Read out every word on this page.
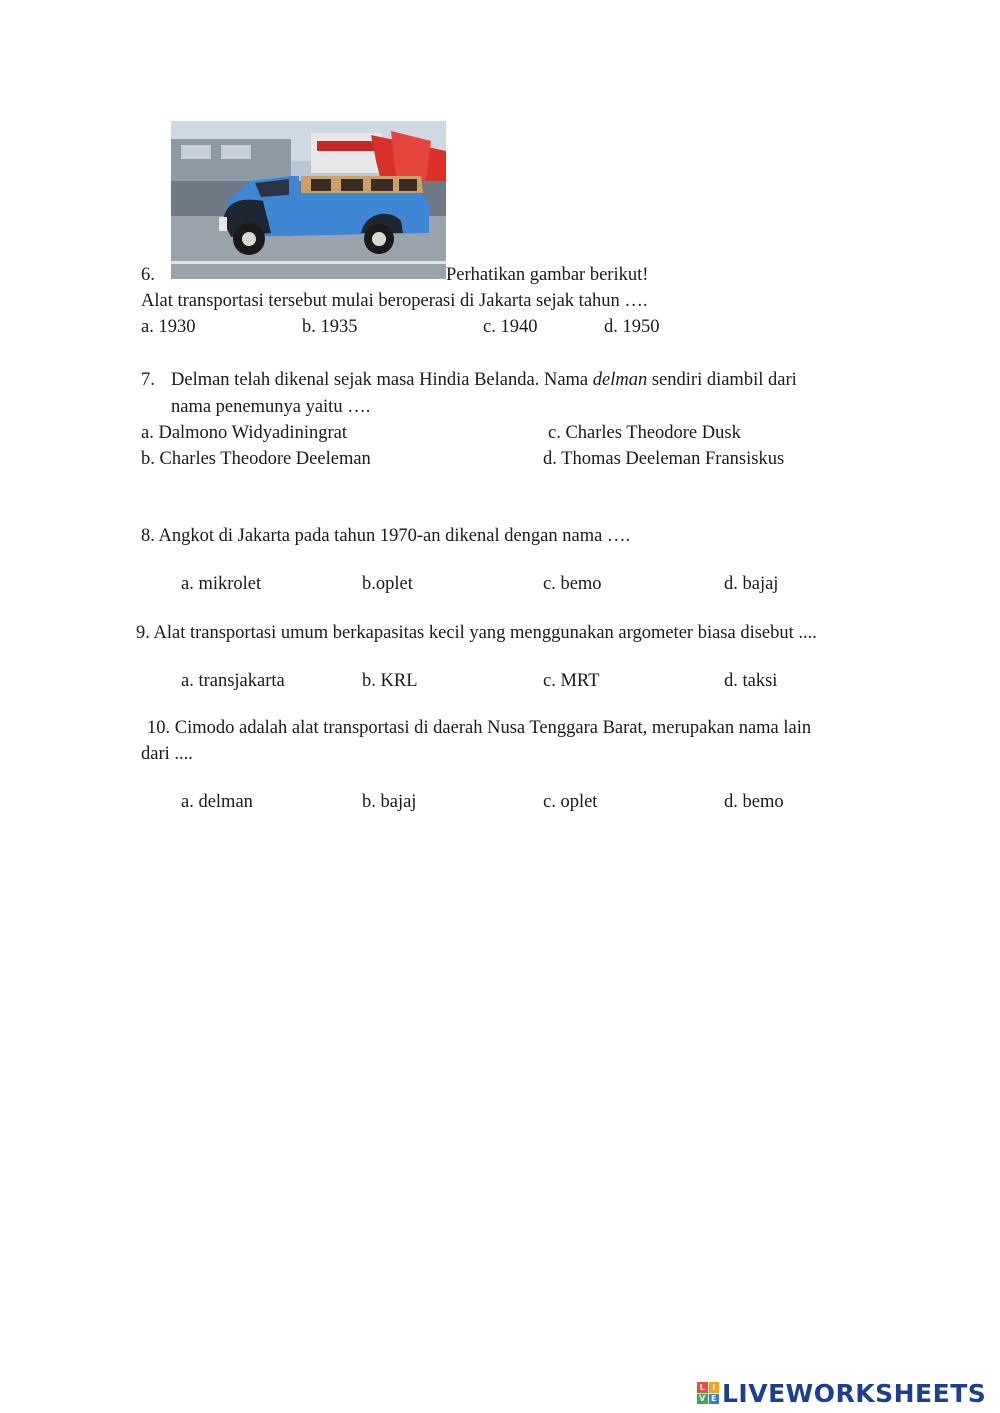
6.	Perhatikan gambar berikut!
Alat transportasi tersebut mulai beroperasi di Jakarta sejak tahun ….
a. 1930	b. 1935	c. 1940	d. 1950
7. Delman telah dikenal sejak masa Hindia Belanda. Nama delman sendiri diambil dari
nama penemunya yaitu ….
a. Dalmono Widyadiningrat	c. Charles Theodore Dusk
b. Charles Theodore Deeleman	d. Thomas Deeleman Fransiskus
8. Angkot di Jakarta pada tahun 1970-an dikenal dengan nama ….
a. mikrolet	b.oplet	c. bemo	d. bajaj
9. Alat transportasi umum berkapasitas kecil yang menggunakan argometer biasa disebut ....
a. transjakarta	b. KRL	c. MRT	d. taksi
10. Cimodo adalah alat transportasi di daerah Nusa Tenggara Barat, merupakan nama lain
dari ....
a. delman	b. bajaj	c. oplet	d. bemo
L I
V E LIVEWORKSHEETS
